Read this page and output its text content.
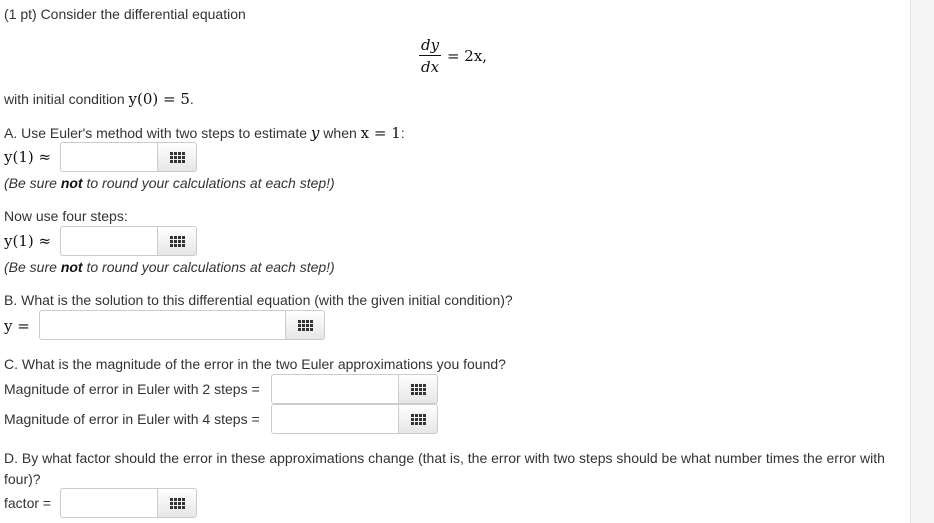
(1 pt) Consider the differential equation
$\frac{dy}{dx} = 2x$,
with initial condition y(0) = 5.
A. Use Euler's method with two steps to estimate y when x = 1:
y(1) ≈
(Be sure not to round your calculations at each step!)
Now use four steps:
y(1) ≈
(Be sure not to round your calculations at each step!)
B. What is the solution to this differential equation (with the given initial condition)?
y =
C. What is the magnitude of the error in the two Euler approximations you found?
Magnitude of error in Euler with 2 steps =
Magnitude of error in Euler with 4 steps =
D. By what factor should the error in these approximations change (that is, the error with two steps should be what number times the error with
four)?
factor =
